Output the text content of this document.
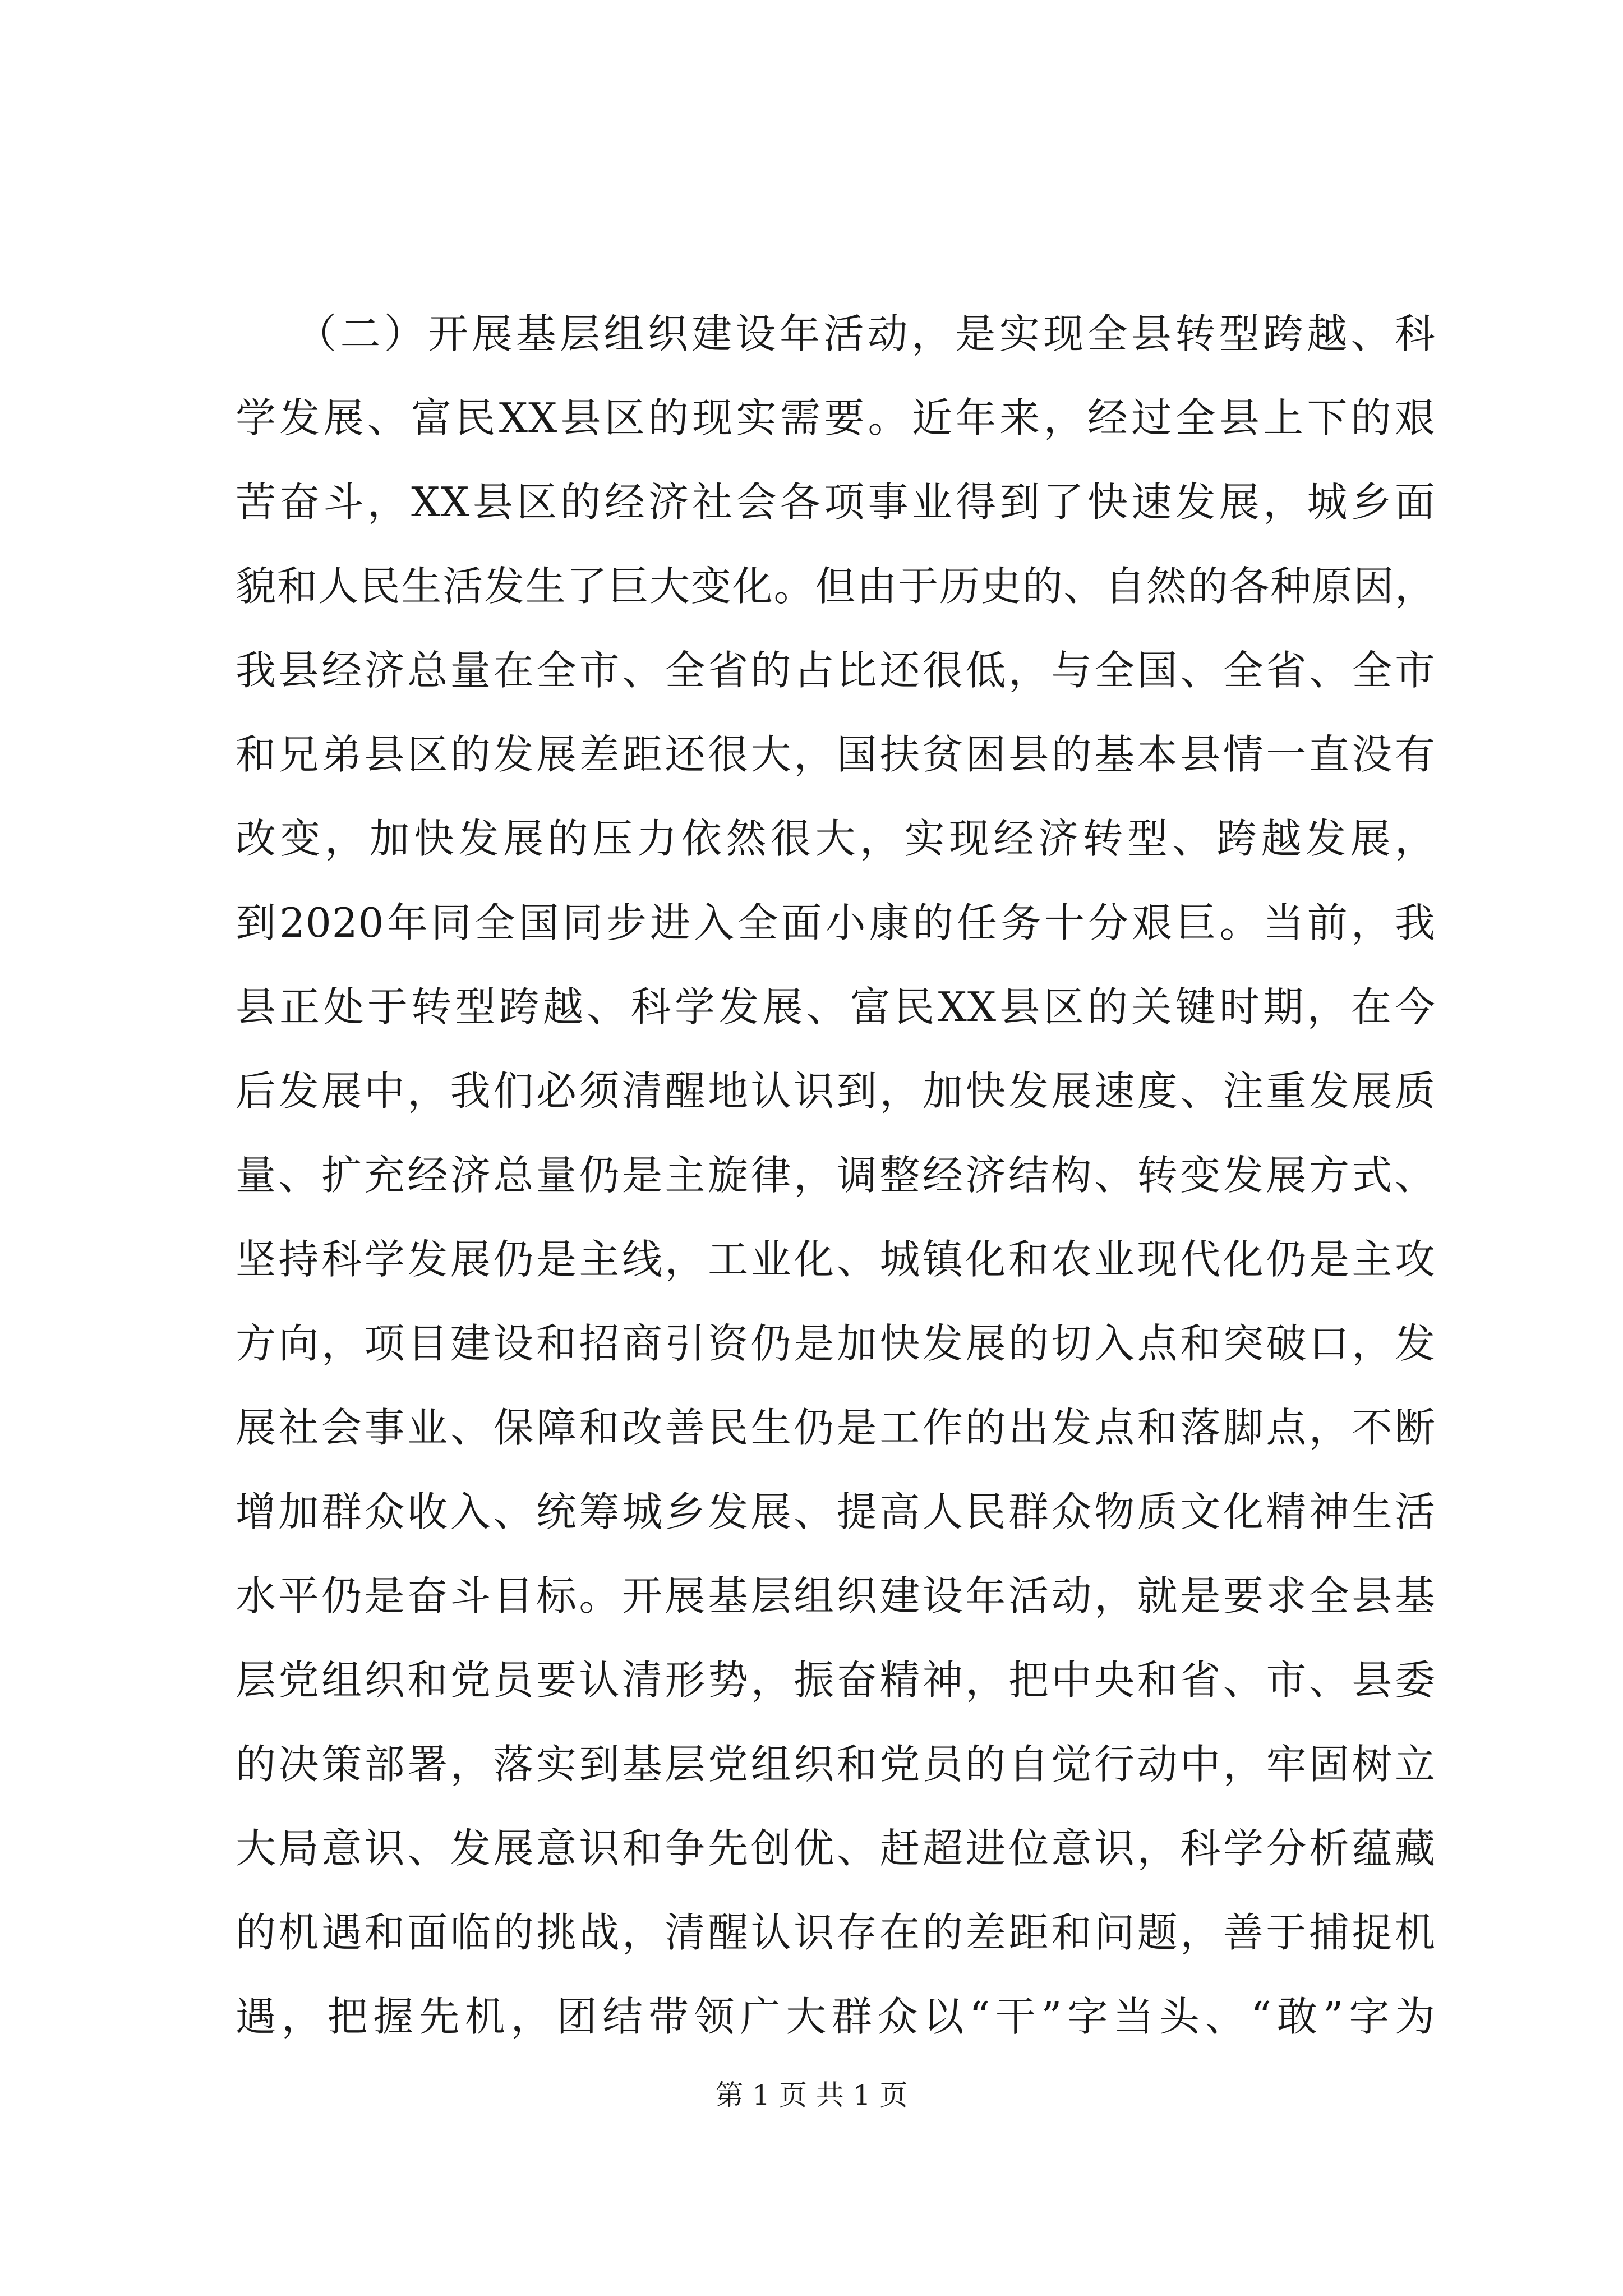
（二）开展基层组织建设年活动，是实现全县转型跨越、科
学发展、富民XX县区的现实需要。近年来，经过全县上下的艰
苦奋斗，XX县区的经济社会各项事业得到了快速发展，城乡面
貌和人民生活发生了巨大变化。但由于历史的、自然的各种原因，
我县经济总量在全市、全省的占比还很低，与全国、全省、全市
和兄弟县区的发展差距还很大，国扶贫困县的基本县情一直没有
改变，加快发展的压力依然很大，实现经济转型、跨越发展，
到2020年同全国同步进入全面小康的任务十分艰巨。当前，我
县正处于转型跨越、科学发展、富民XX县区的关键时期，在今
后发展中，我们必须清醒地认识到，加快发展速度、注重发展质
量、扩充经济总量仍是主旋律，调整经济结构、转变发展方式、
坚持科学发展仍是主线，工业化、城镇化和农业现代化仍是主攻
方向，项目建设和招商引资仍是加快发展的切入点和突破口，发
展社会事业、保障和改善民生仍是工作的出发点和落脚点，不断
增加群众收入、统筹城乡发展、提高人民群众物质文化精神生活
水平仍是奋斗目标。开展基层组织建设年活动，就是要求全县基
层党组织和党员要认清形势，振奋精神，把中央和省、市、县委
的决策部署，落实到基层党组织和党员的自觉行动中，牢固树立
大局意识、发展意识和争先创优、赶超进位意识，科学分析蕴藏
的机遇和面临的挑战，清醒认识存在的差距和问题，善于捕捉机
遇，把握先机，团结带领广大群众以“干”字当头、“敢”字为

第 1 页 共 1 页
